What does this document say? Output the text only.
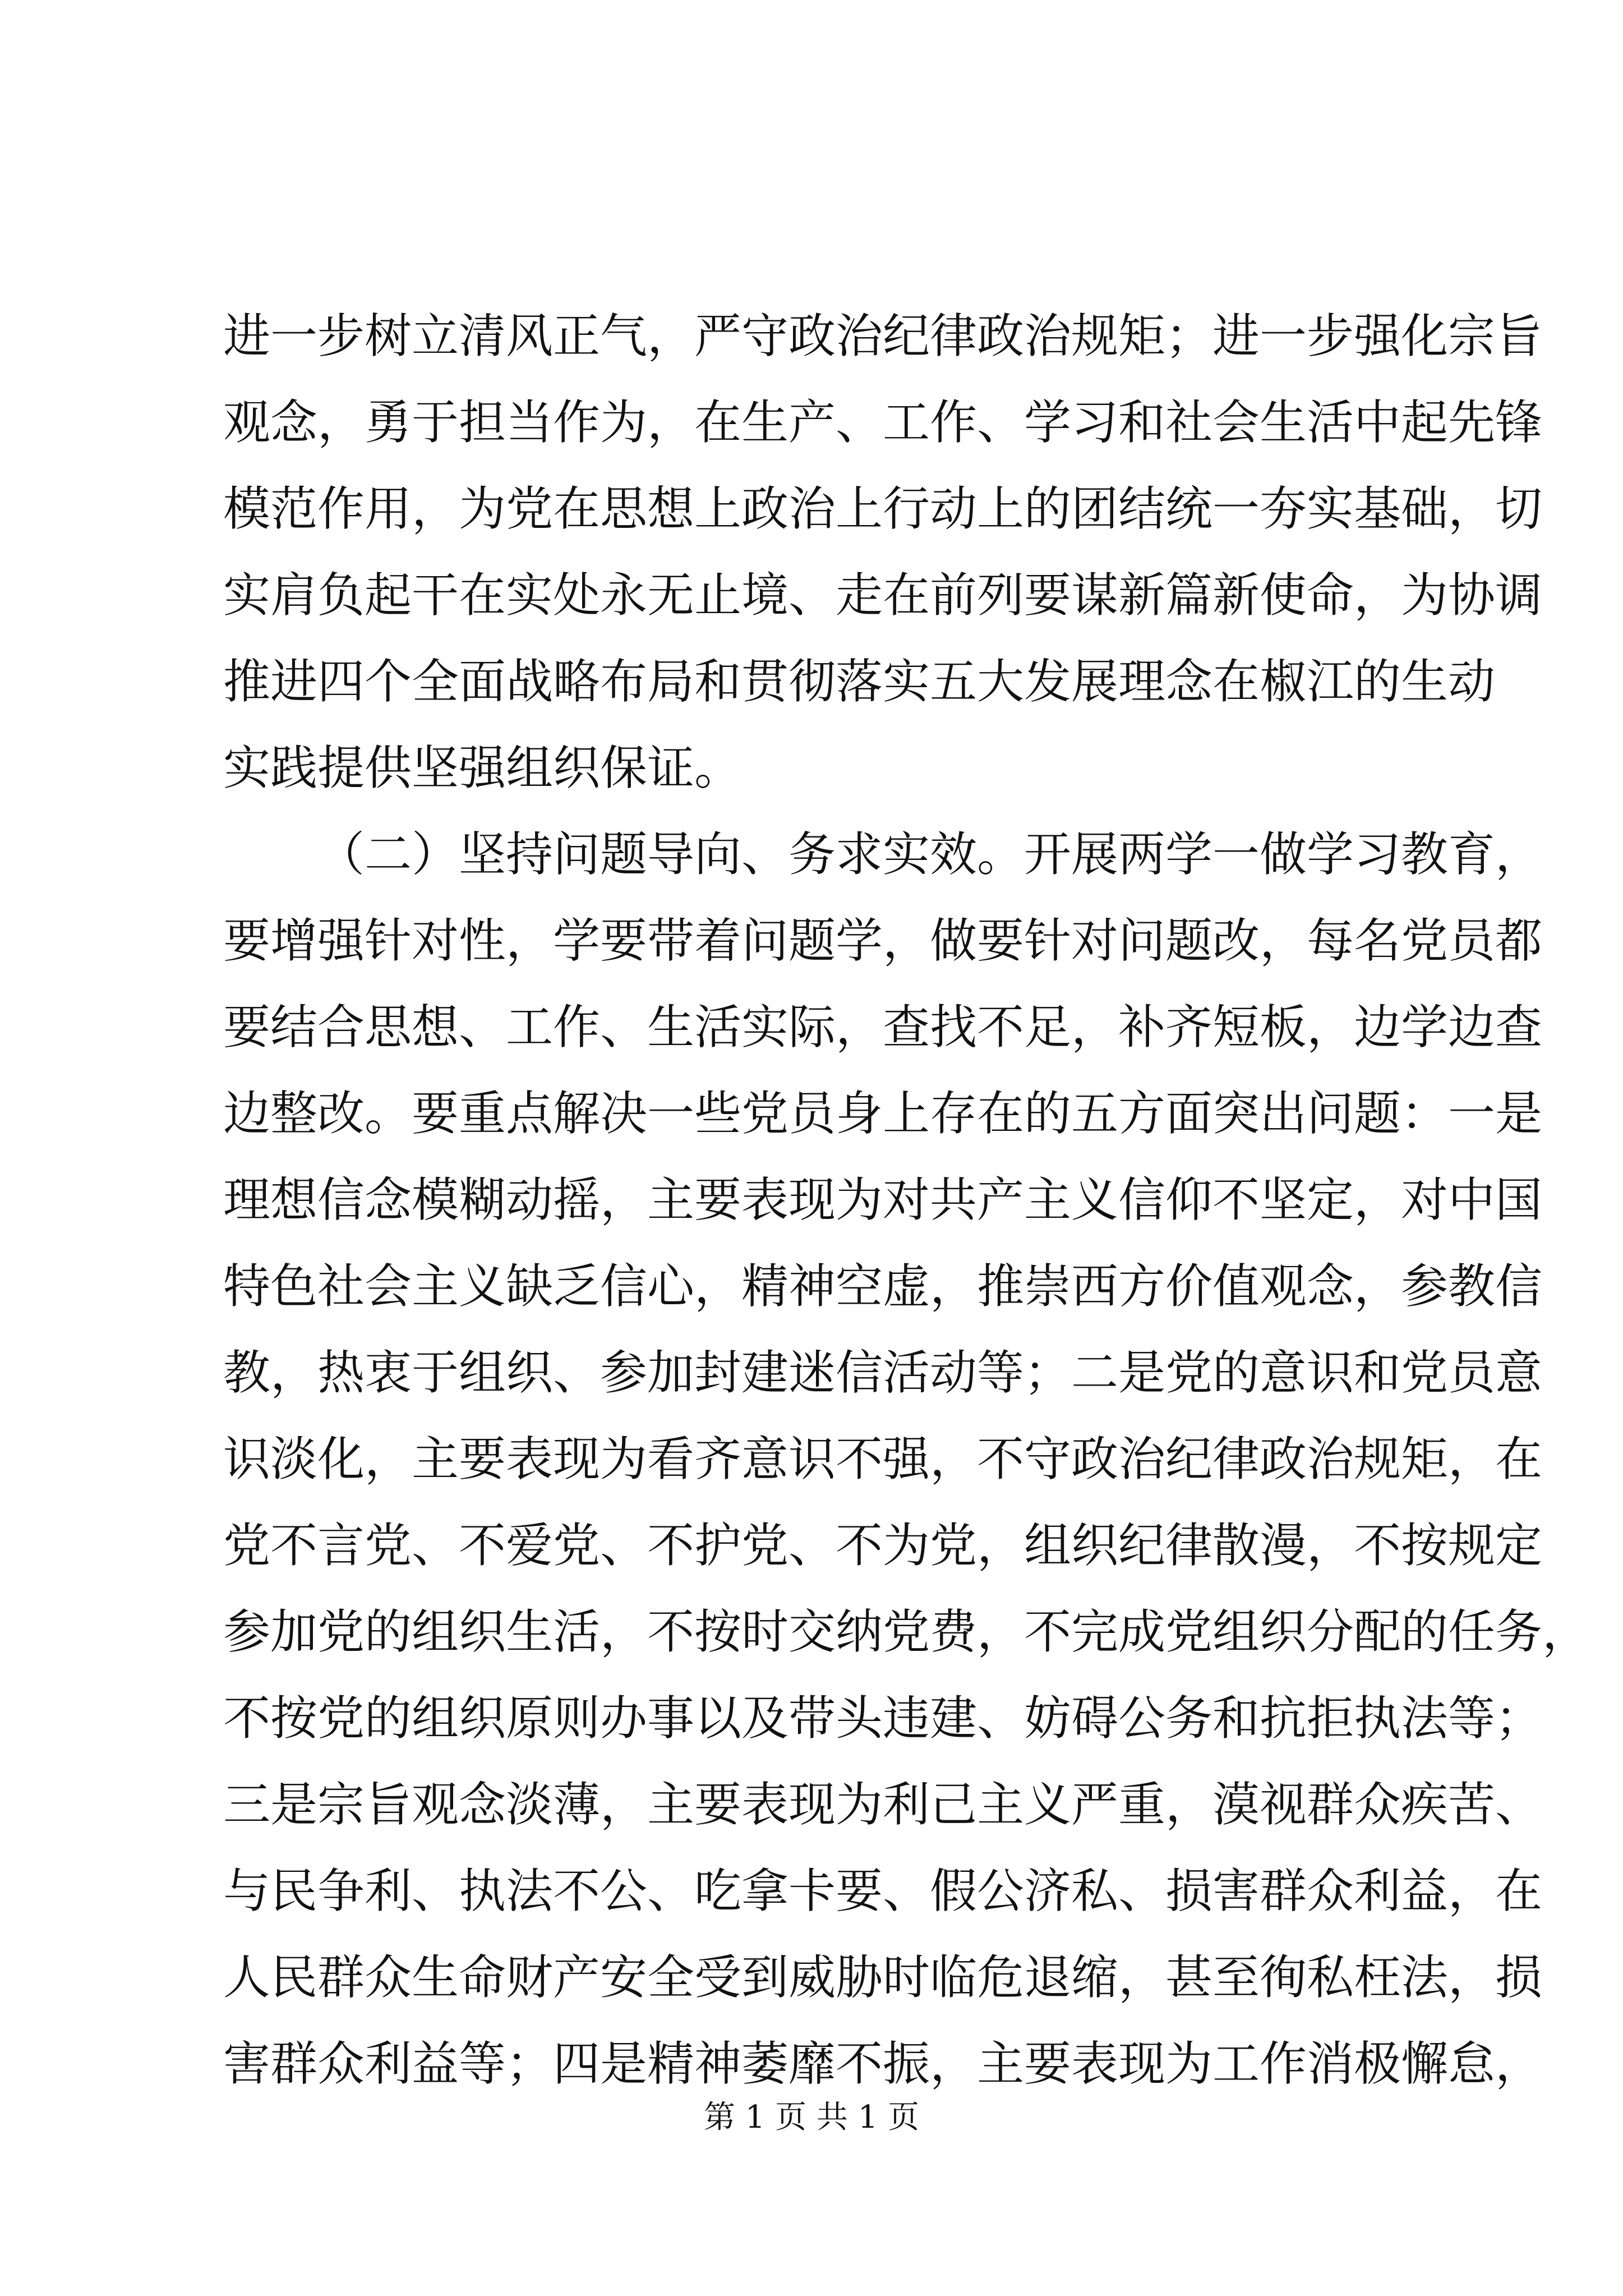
进一步树立清风正气，严守政治纪律政治规矩；进一步强化宗旨
观念，勇于担当作为，在生产、工作、学习和社会生活中起先锋
模范作用，为党在思想上政治上行动上的团结统一夯实基础，切
实肩负起干在实处永无止境、走在前列要谋新篇新使命，为协调
推进四个全面战略布局和贯彻落实五大发展理念在椒江的生动
实践提供坚强组织保证。
（二）坚持问题导向、务求实效。开展两学一做学习教育，
要增强针对性，学要带着问题学，做要针对问题改，每名党员都
要结合思想、工作、生活实际，查找不足，补齐短板，边学边查
边整改。要重点解决一些党员身上存在的五方面突出问题：一是
理想信念模糊动摇，主要表现为对共产主义信仰不坚定，对中国
特色社会主义缺乏信心，精神空虚，推崇西方价值观念，参教信
教，热衷于组织、参加封建迷信活动等；二是党的意识和党员意
识淡化，主要表现为看齐意识不强，不守政治纪律政治规矩，在
党不言党、不爱党、不护党、不为党，组织纪律散漫，不按规定
参加党的组织生活，不按时交纳党费，不完成党组织分配的任务，
不按党的组织原则办事以及带头违建、妨碍公务和抗拒执法等；
三是宗旨观念淡薄，主要表现为利己主义严重，漠视群众疾苦、
与民争利、执法不公、吃拿卡要、假公济私、损害群众利益，在
人民群众生命财产安全受到威胁时临危退缩，甚至徇私枉法，损
害群众利益等；四是精神萎靡不振，主要表现为工作消极懈怠，
第 1 页 共 1 页
